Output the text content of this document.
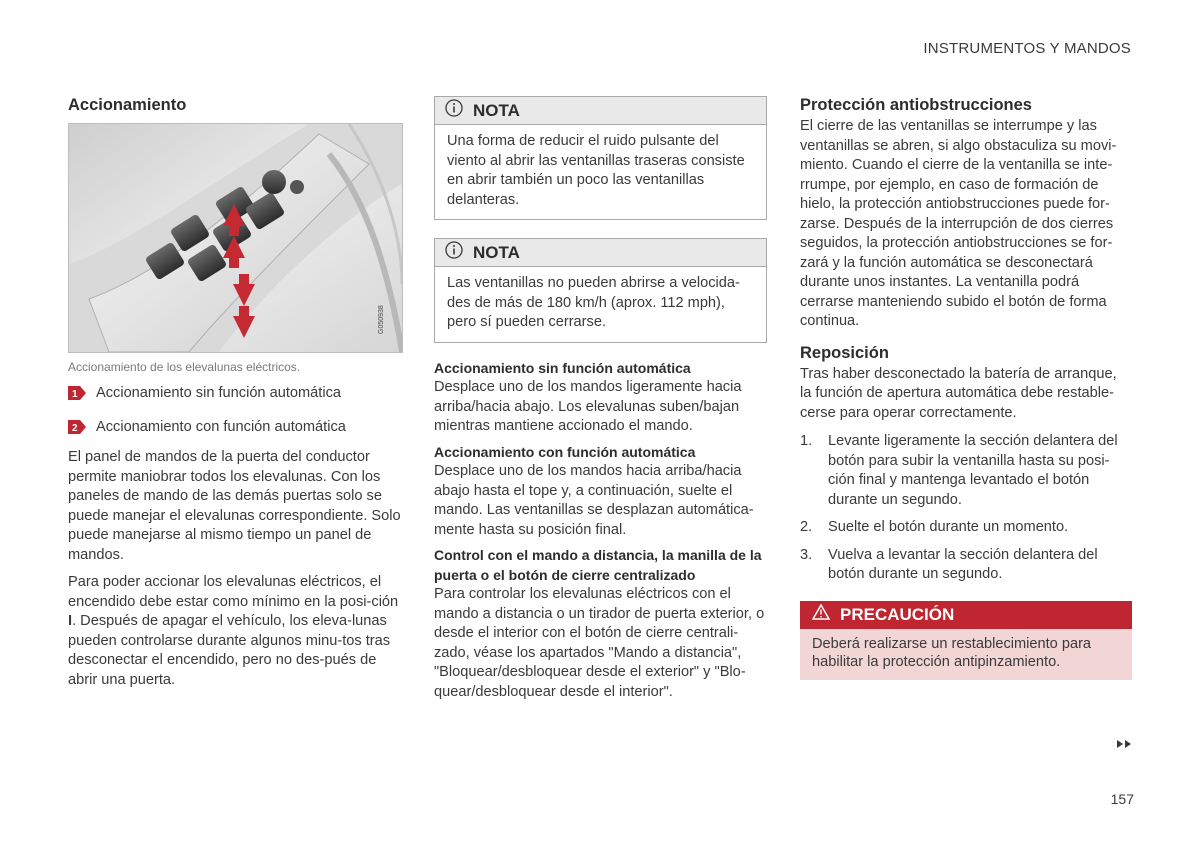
INSTRUMENTOS Y MANDOS
Accionamiento
G050938
Accionamiento de los elevalunas eléctricos.
1 Accionamiento sin función automática
2 Accionamiento con función automática

El panel de mandos de la puerta del conductor permite maniobrar todos los elevalunas. Con los paneles de mando de las demás puertas solo se puede manejar el elevalunas correspondiente. Solo puede manejarse al mismo tiempo un panel de mandos.

Para poder accionar los elevalunas eléctricos, el encendido debe estar como mínimo en la posi-ción I. Después de apagar el vehículo, los eleva-lunas pueden controlarse durante algunos minu-tos tras desconectar el encendido, pero no des-pués de abrir una puerta.

NOTA
Una forma de reducir el ruido pulsante del viento al abrir las ventanillas traseras consiste en abrir también un poco las ventanillas delanteras.
NOTA
Las ventanillas no pueden abrirse a velocida-des de más de 180 km/h (aprox. 112 mph), pero sí pueden cerrarse.
Accionamiento sin función automática

Desplace uno de los mandos ligeramente hacia arriba/hacia abajo. Los elevalunas suben/bajan mientras mantiene accionado el mando.

Accionamiento con función automática

Desplace uno de los mandos hacia arriba/hacia abajo hasta el tope y, a continuación, suelte el mando. Las ventanillas se desplazan automática-mente hasta su posición final.

Control con el mando a distancia, la manilla de la puerta o el botón de cierre centralizado

Para controlar los elevalunas eléctricos con el mando a distancia o un tirador de puerta exterior, o desde el interior con el botón de cierre centrali-zado, véase los apartados "Mando a distancia", "Bloquear/desbloquear desde el exterior" y "Blo-quear/desbloquear desde el interior".

Protección antiobstrucciones

El cierre de las ventanillas se interrumpe y las ventanillas se abren, si algo obstaculiza su movi-miento. Cuando el cierre de la ventanilla se inte-rrumpe, por ejemplo, en caso de formación de hielo, la protección antiobstrucciones puede for-zarse. Después de la interrupción de dos cierres seguidos, la protección antiobstrucciones se for-zará y la función automática se desconectará durante unos instantes. La ventanilla podrá cerrarse manteniendo subido el botón de forma continua.

Reposición

Tras haber desconectado la batería de arranque, la función de apertura automática debe restable-cerse para operar correctamente.

1.	Levante ligeramente la sección delantera del botón para subir la ventanilla hasta su posi-ción final y mantenga levantado el botón durante un segundo.
2.	Suelte el botón durante un momento.
3.	Vuelva a levantar la sección delantera del botón durante un segundo.
PRECAUCIÓN
Deberá realizarse un restablecimiento para habilitar la protección antipinzamiento.
157
